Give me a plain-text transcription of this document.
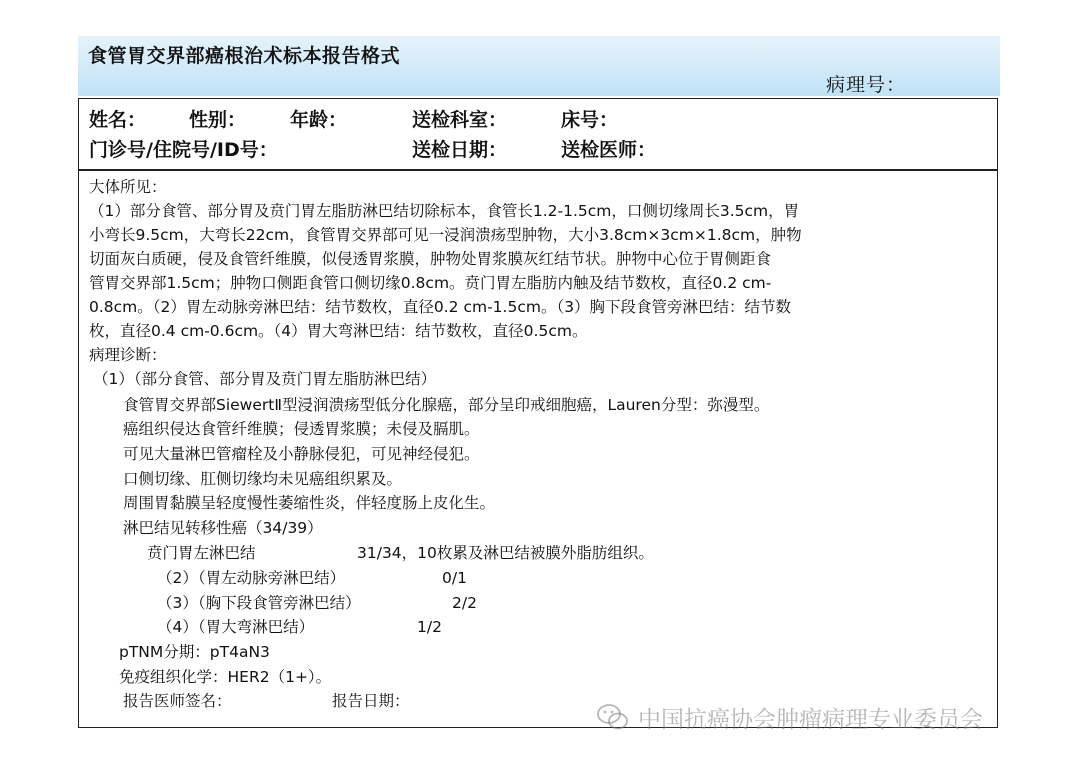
食管胃交界部癌根治术标本报告格式
病理号：
姓名： 性别： 年龄：	送检科室：	床号：
门诊号/住院号/ID号：	送检日期：	送检医师：
大体所见：
（1）部分食管、部分胃及贲门胃左脂肪淋巴结切除标本，食管长1.2-1.5cm，口侧切缘周长3.5cm，胃
小弯长9.5cm，大弯长22cm，食管胃交界部可见一浸润溃疡型肿物，大小3.8cm×3cm×1.8cm，肿物
切面灰白质硬，侵及食管纤维膜，似侵透胃浆膜，肿物处胃浆膜灰红结节状。肿物中心位于胃侧距食
管胃交界部1.5cm；肿物口侧距食管口侧切缘0.8cm。贲门胃左脂肪内触及结节数枚，直径0.2 cm-
0.8cm。（2）胃左动脉旁淋巴结：结节数枚，直径0.2 cm-1.5cm。（3）胸下段食管旁淋巴结：结节数
枚，直径0.4 cm-0.6cm。（4）胃大弯淋巴结：结节数枚，直径0.5cm。
病理诊断：
（1）（部分食管、部分胃及贲门胃左脂肪淋巴结）
食管胃交界部SiewertⅡ型浸润溃疡型低分化腺癌，部分呈印戒细胞癌，Lauren分型：弥漫型。
癌组织侵达食管纤维膜；侵透胃浆膜；未侵及膈肌。
可见大量淋巴管瘤栓及小静脉侵犯，可见神经侵犯。
口侧切缘、肛侧切缘均未见癌组织累及。
周围胃黏膜呈轻度慢性萎缩性炎，伴轻度肠上皮化生。
淋巴结见转移性癌（34/39）
贲门胃左淋巴结	31/34，10枚累及淋巴结被膜外脂肪组织。
（2）（胃左动脉旁淋巴结）	0/1
（3）（胸下段食管旁淋巴结）	2/2
（4）（胃大弯淋巴结）	1/2
pTNM分期：pT4aN3
免疫组织化学：HER2（1+）。
报告医师签名：	报告日期：
中国抗癌协会肿瘤病理专业委员会
